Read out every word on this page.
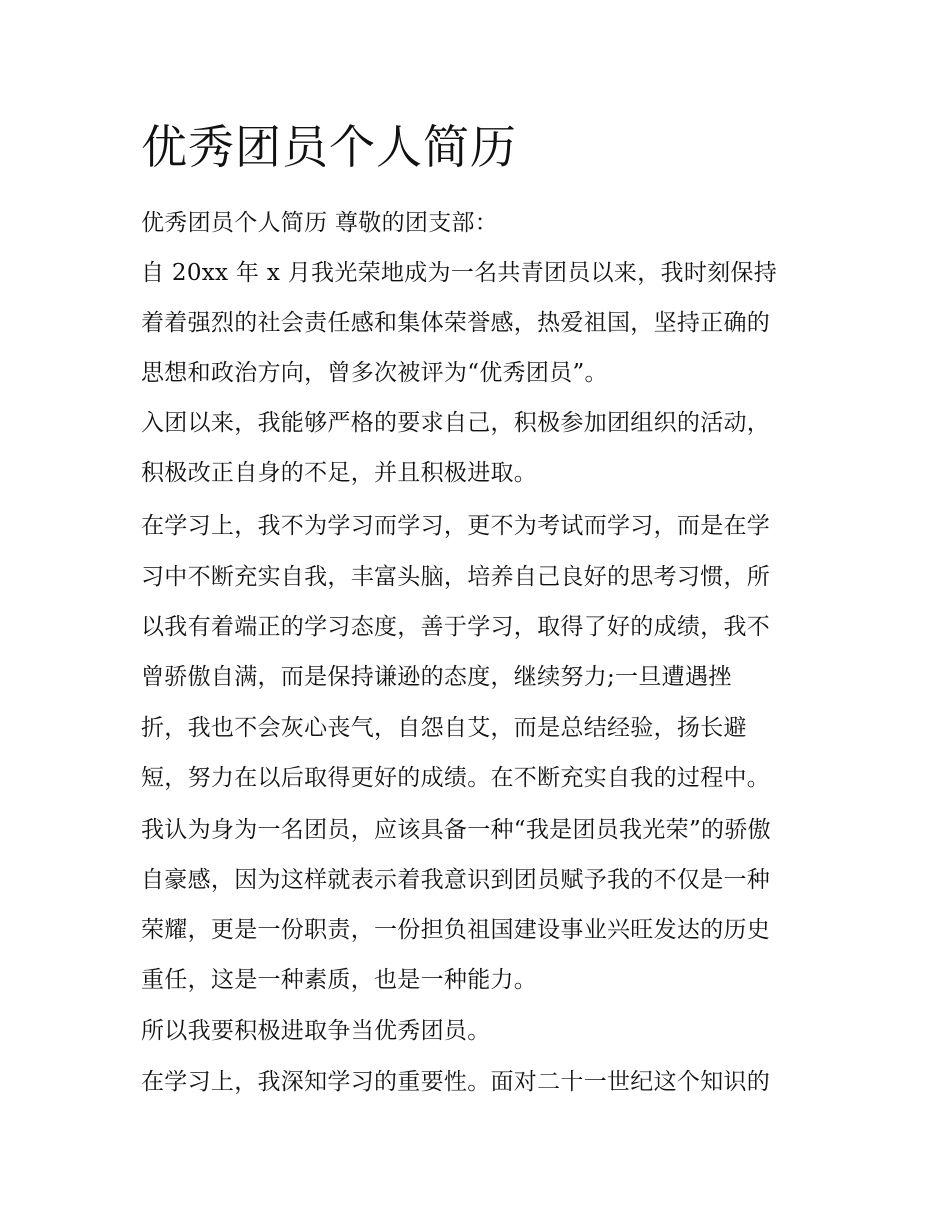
优秀团员个人简历

优秀团员个人简历 尊敬的团支部：

自 20xx 年 x 月我光荣地成为一名共青团员以来，我时刻保持

着着强烈的社会责任感和集体荣誉感，热爱祖国，坚持正确的

思想和政治方向，曾多次被评为“优秀团员”。

入团以来，我能够严格的要求自己，积极参加团组织的活动，

积极改正自身的不足，并且积极进取。

在学习上，我不为学习而学习，更不为考试而学习，而是在学

习中不断充实自我，丰富头脑，培养自己良好的思考习惯，所

以我有着端正的学习态度，善于学习，取得了好的成绩，我不

曾骄傲自满，而是保持谦逊的态度，继续努力;一旦遭遇挫

折，我也不会灰心丧气，自怨自艾，而是总结经验，扬长避

短，努力在以后取得更好的成绩。在不断充实自我的过程中。

我认为身为一名团员，应该具备一种“我是团员我光荣”的骄傲

自豪感，因为这样就表示着我意识到团员赋予我的不仅是一种

荣耀，更是一份职责，一份担负祖国建设事业兴旺发达的历史

重任，这是一种素质，也是一种能力。

所以我要积极进取争当优秀团员。

在学习上，我深知学习的重要性。面对二十一世纪这个知识的
